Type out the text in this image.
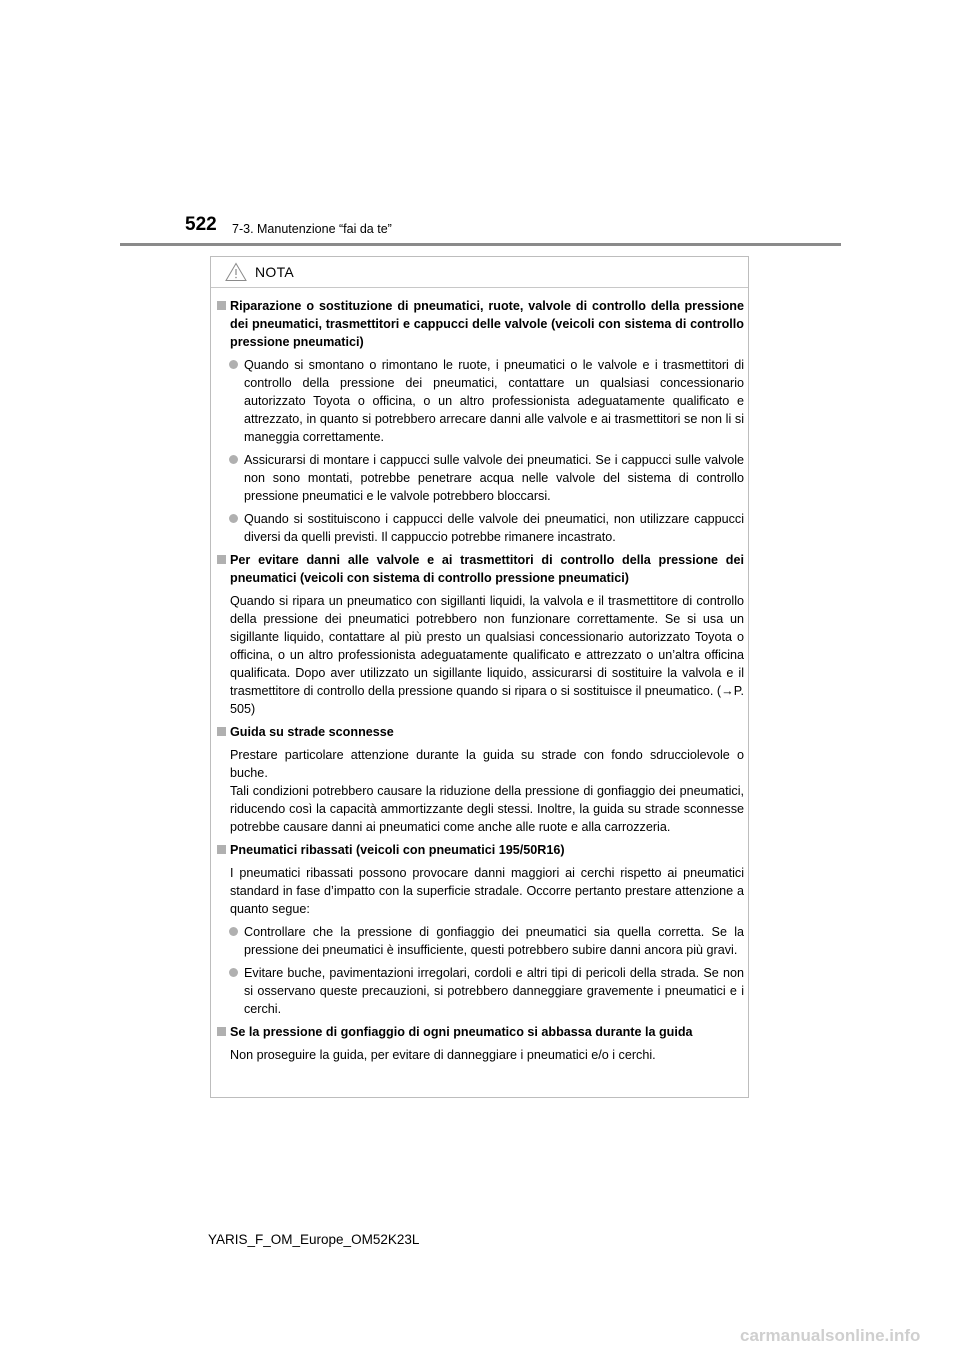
522 7-3. Manutenzione “fai da te”
NOTA
Riparazione o sostituzione di pneumatici, ruote, valvole di controllo della pressione dei pneumatici, trasmettitori e cappucci delle valvole (veicoli con sistema di controllo pressione pneumatici)
Quando si smontano o rimontano le ruote, i pneumatici o le valvole e i trasmettitori di controllo della pressione dei pneumatici, contattare un qualsiasi concessionario autorizzato Toyota o officina, o un altro professionista adeguatamente qualificato e attrezzato, in quanto si potrebbero arrecare danni alle valvole e ai trasmettitori se non li si maneggia correttamente.
Assicurarsi di montare i cappucci sulle valvole dei pneumatici. Se i cappucci sulle valvole non sono montati, potrebbe penetrare acqua nelle valvole del sistema di controllo pressione pneumatici e le valvole potrebbero bloccarsi.
Quando si sostituiscono i cappucci delle valvole dei pneumatici, non utilizzare cappucci diversi da quelli previsti. Il cappuccio potrebbe rimanere incastrato.
Per evitare danni alle valvole e ai trasmettitori di controllo della pressione dei pneumatici (veicoli con sistema di controllo pressione pneumatici)
Quando si ripara un pneumatico con sigillanti liquidi, la valvola e il trasmettitore di controllo della pressione dei pneumatici potrebbero non funzionare correttamente. Se si usa un sigillante liquido, contattare al più presto un qualsiasi concessionario autorizzato Toyota o officina, o un altro professionista adeguatamente qualificato e attrezzato o un’altra officina qualificata. Dopo aver utilizzato un sigillante liquido, assicurarsi di sostituire la valvola e il trasmettitore di controllo della pressione quando si ripara o si sostituisce il pneumatico. (→P. 505)
Guida su strade sconnesse
Prestare particolare attenzione durante la guida su strade con fondo sdrucciolevole o buche.
Tali condizioni potrebbero causare la riduzione della pressione di gonfiaggio dei pneumatici, riducendo così la capacità ammortizzante degli stessi. Inoltre, la guida su strade sconnesse potrebbe causare danni ai pneumatici come anche alle ruote e alla carrozzeria.
Pneumatici ribassati (veicoli con pneumatici 195/50R16)
I pneumatici ribassati possono provocare danni maggiori ai cerchi rispetto ai pneumatici standard in fase d’impatto con la superficie stradale. Occorre pertanto prestare attenzione a quanto segue:
Controllare che la pressione di gonfiaggio dei pneumatici sia quella corretta. Se la pressione dei pneumatici è insufficiente, questi potrebbero subire danni ancora più gravi.
Evitare buche, pavimentazioni irregolari, cordoli e altri tipi di pericoli della strada. Se non si osservano queste precauzioni, si potrebbero danneggiare gravemente i pneumatici e i cerchi.
Se la pressione di gonfiaggio di ogni pneumatico si abbassa durante la guida
Non proseguire la guida, per evitare di danneggiare i pneumatici e/o i cerchi.
YARIS_F_OM_Europe_OM52K23L
carmanualsonline.info
